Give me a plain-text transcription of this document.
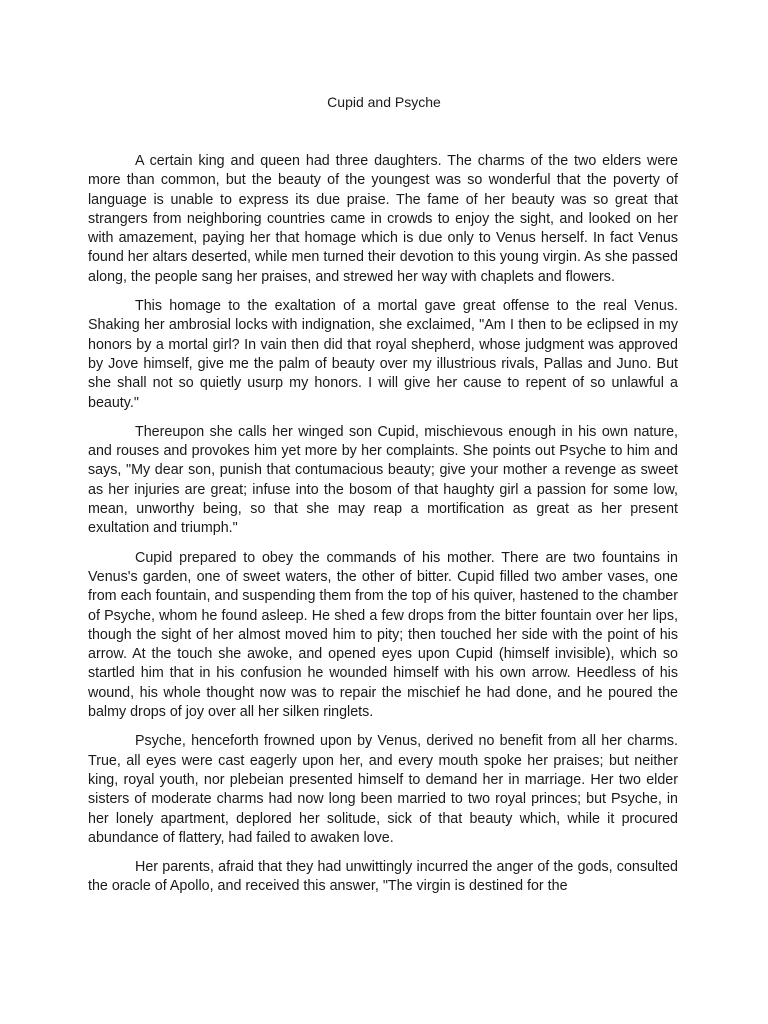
Cupid and Psyche

A certain king and queen had three daughters. The charms of the two elders were more than common, but the beauty of the youngest was so wonderful that the poverty of language is unable to express its due praise. The fame of her beauty was so great that strangers from neighboring countries came in crowds to enjoy the sight, and looked on her with amazement, paying her that homage which is due only to Venus herself. In fact Venus found her altars deserted, while men turned their devotion to this young virgin. As she passed along, the people sang her praises, and strewed her way with chaplets and flowers.

This homage to the exaltation of a mortal gave great offense to the real Venus. Shaking her ambrosial locks with indignation, she exclaimed, "Am I then to be eclipsed in my honors by a mortal girl? In vain then did that royal shepherd, whose judgment was approved by Jove himself, give me the palm of beauty over my illustrious rivals, Pallas and Juno. But she shall not so quietly usurp my honors. I will give her cause to repent of so unlawful a beauty."

Thereupon she calls her winged son Cupid, mischievous enough in his own nature, and rouses and provokes him yet more by her complaints. She points out Psyche to him and says, "My dear son, punish that contumacious beauty; give your mother a revenge as sweet as her injuries are great; infuse into the bosom of that haughty girl a passion for some low, mean, unworthy being, so that she may reap a mortification as great as her present exultation and triumph."

Cupid prepared to obey the commands of his mother. There are two fountains in Venus's garden, one of sweet waters, the other of bitter. Cupid filled two amber vases, one from each fountain, and suspending them from the top of his quiver, hastened to the chamber of Psyche, whom he found asleep. He shed a few drops from the bitter fountain over her lips, though the sight of her almost moved him to pity; then touched her side with the point of his arrow. At the touch she awoke, and opened eyes upon Cupid (himself invisible), which so startled him that in his confusion he wounded himself with his own arrow. Heedless of his wound, his whole thought now was to repair the mischief he had done, and he poured the balmy drops of joy over all her silken ringlets.

Psyche, henceforth frowned upon by Venus, derived no benefit from all her charms. True, all eyes were cast eagerly upon her, and every mouth spoke her praises; but neither king, royal youth, nor plebeian presented himself to demand her in marriage. Her two elder sisters of moderate charms had now long been married to two royal princes; but Psyche, in her lonely apartment, deplored her solitude, sick of that beauty which, while it procured abundance of flattery, had failed to awaken love.

Her parents, afraid that they had unwittingly incurred the anger of the gods, consulted the oracle of Apollo, and received this answer, "The virgin is destined for the
